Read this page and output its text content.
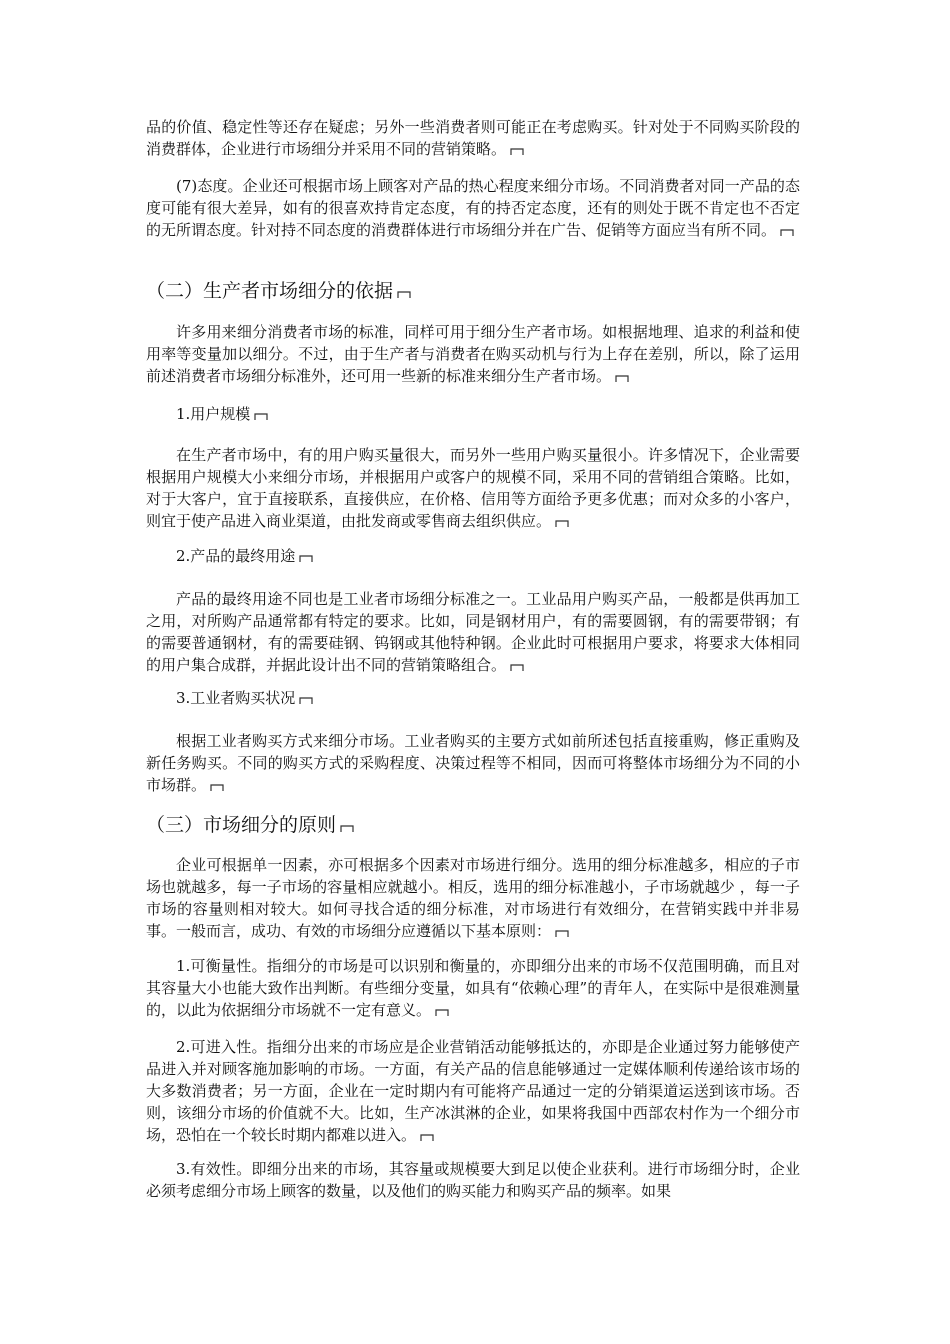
品的价值、稳定性等还存在疑虑；另外一些消费者则可能正在考虑购买。针对处于不同购买阶段的消费群体，企业进行市场细分并采用不同的营销策略。

(7)态度。企业还可根据市场上顾客对产品的热心程度来细分市场。不同消费者对同一产品的态度可能有很大差异，如有的很喜欢持肯定态度，有的持否定态度，还有的则处于既不肯定也不否定的无所谓态度。针对持不同态度的消费群体进行市场细分并在广告、促销等方面应当有所不同。

（二）生产者市场细分的依据

许多用来细分消费者市场的标准，同样可用于细分生产者市场。如根据地理、追求的利益和使用率等变量加以细分。不过，由于生产者与消费者在购买动机与行为上存在差别，所以，除了运用前述消费者市场细分标准外，还可用一些新的标准来细分生产者市场。

1.用户规模

在生产者市场中，有的用户购买量很大，而另外一些用户购买量很小。许多情况下，企业需要根据用户规模大小来细分市场，并根据用户或客户的规模不同，采用不同的营销组合策略。比如，对于大客户，宜于直接联系，直接供应，在价格、信用等方面给予更多优惠；而对众多的小客户，则宜于使产品进入商业渠道，由批发商或零售商去组织供应。

2.产品的最终用途

产品的最终用途不同也是工业者市场细分标准之一。工业品用户购买产品，一般都是供再加工之用，对所购产品通常都有特定的要求。比如，同是钢材用户，有的需要圆钢，有的需要带钢；有的需要普通钢材，有的需要硅钢、钨钢或其他特种钢。企业此时可根据用户要求，将要求大体相同的用户集合成群，并据此设计出不同的营销策略组合。

3.工业者购买状况

根据工业者购买方式来细分市场。工业者购买的主要方式如前所述包括直接重购，修正重购及新任务购买。不同的购买方式的采购程度、决策过程等不相同，因而可将整体市场细分为不同的小市场群。

（三）市场细分的原则

企业可根据单一因素，亦可根据多个因素对市场进行细分。选用的细分标准越多，相应的子市场也就越多，每一子市场的容量相应就越小。相反，选用的细分标准越小，子市场就越少 ，每一子市场的容量则相对较大。如何寻找合适的细分标准，对市场进行有效细分，在营销实践中并非易事。一般而言，成功、有效的市场细分应遵循以下基本原则：

1.可衡量性。指细分的市场是可以识别和衡量的，亦即细分出来的市场不仅范围明确，而且对其容量大小也能大致作出判断。有些细分变量，如具有“依赖心理”的青年人，在实际中是很难测量的，以此为依据细分市场就不一定有意义。

2.可进入性。指细分出来的市场应是企业营销活动能够抵达的，亦即是企业通过努力能够使产品进入并对顾客施加影响的市场。一方面，有关产品的信息能够通过一定媒体顺利传递给该市场的大多数消费者；另一方面，企业在一定时期内有可能将产品通过一定的分销渠道运送到该市场。否则，该细分市场的价值就不大。比如，生产冰淇淋的企业，如果将我国中西部农村作为一个细分市场，恐怕在一个较长时期内都难以进入。

3.有效性。即细分出来的市场，其容量或规模要大到足以使企业获利。进行市场细分时，企业必须考虑细分市场上顾客的数量，以及他们的购买能力和购买产品的频率。如果
